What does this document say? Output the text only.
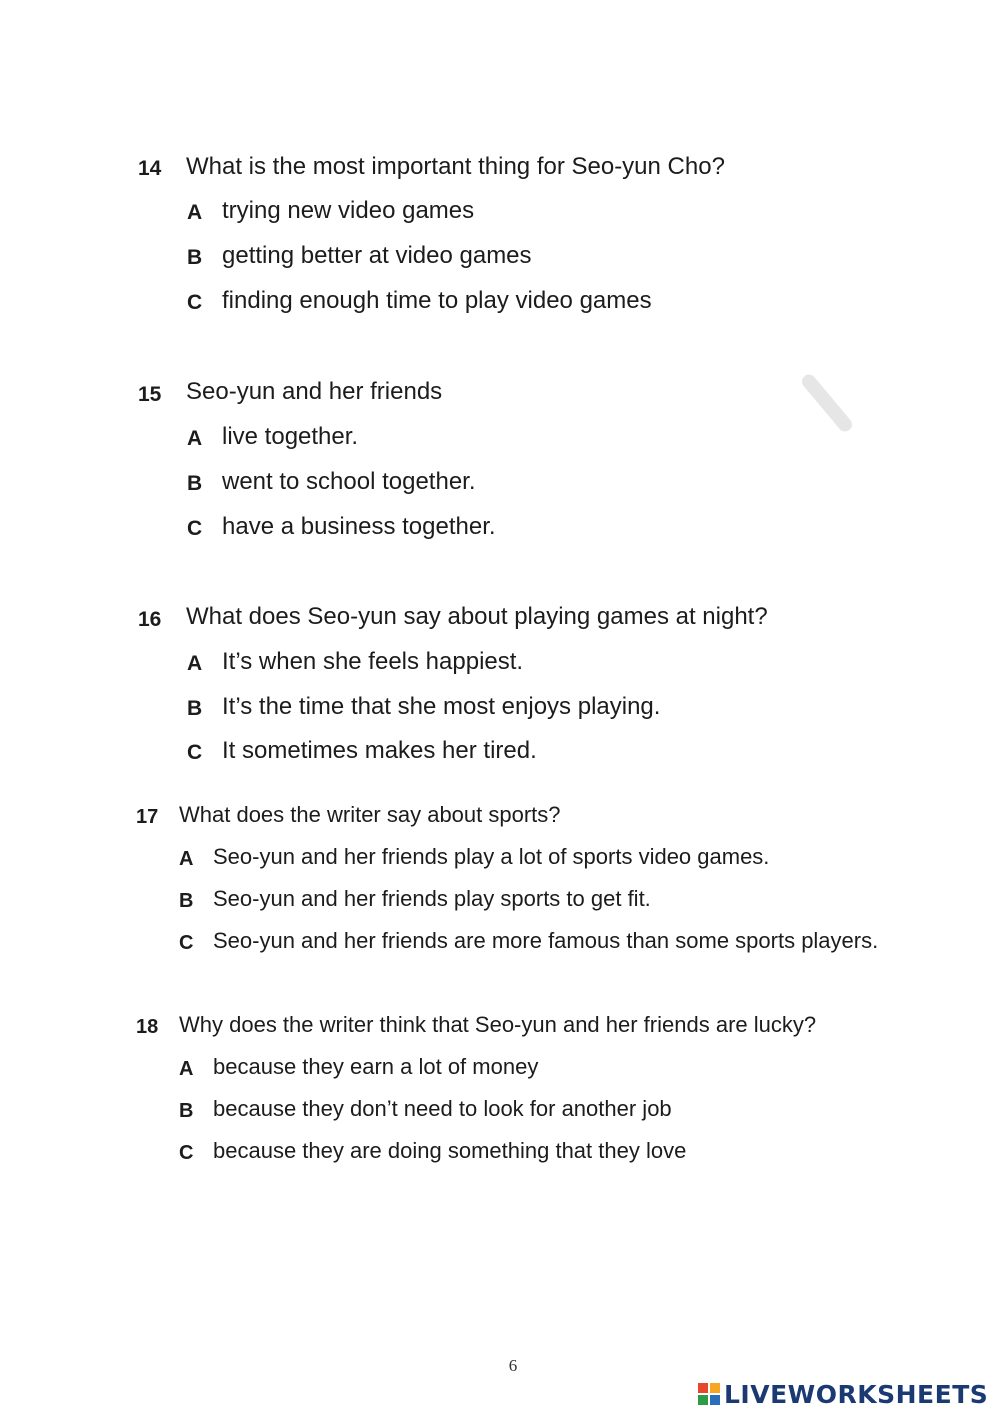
14 What is the most important thing for Seo-yun Cho?
A trying new video games
B getting better at video games
C finding enough time to play video games
15 Seo-yun and her friends
A live together.
B went to school together.
C have a business together.
16 What does Seo-yun say about playing games at night?
A It’s when she feels happiest.
B It’s the time that she most enjoys playing.
C It sometimes makes her tired.
17 What does the writer say about sports?
A Seo-yun and her friends play a lot of sports video games.
B Seo-yun and her friends play sports to get fit.
C Seo-yun and her friends are more famous than some sports players.
18 Why does the writer think that Seo-yun and her friends are lucky?
A because they earn a lot of money
B because they don’t need to look for another job
C because they are doing something that they love
6
LIVEWORKSHEETS
